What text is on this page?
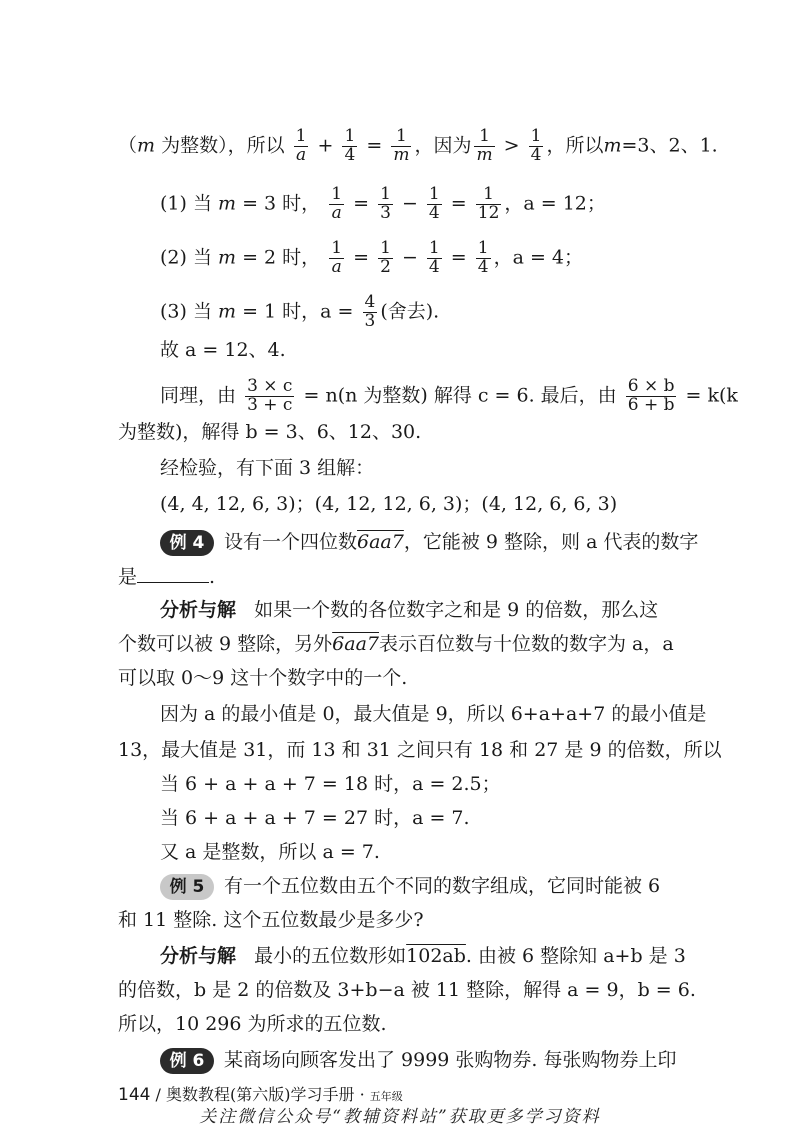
（m 为整数），所以 $\frac{1}{a} + \frac{1}{4} = \frac{1}{m}$ ，因为 $\frac{1}{m} > \frac{1}{4}$ ，所以m=3、2、1.
(1) 当 m = 3 时， $\frac{1}{a} = \frac{1}{3} - \frac{1}{4} = \frac{1}{12}$ ，a = 12；
(2) 当 m = 2 时， $\frac{1}{a} = \frac{1}{2} - \frac{1}{4} = \frac{1}{4}$ ，a = 4；
(3) 当 m = 1 时，$a = \frac{4}{3}$ (舍去).
故 a = 12、4.
同理，由 $\frac{3 \times c}{3 + c} = n(n$ 为整数) 解得 c = 6. 最后，由 $\frac{6 \times b}{6 + b} = k(k$
为整数)，解得 b = 3、6、12、30.
经检验，有下面 3 组解：
(4, 4, 12, 6, 3)；(4, 12, 12, 6, 3)；(4, 12, 6, 6, 3)
例 4 设有一个四位数6aa7，它能被 9 整除，则 a 代表的数字
是	.
分析与解 如果一个数的各位数字之和是 9 的倍数，那么这
个数可以被 9 整除，另外6aa7表示百位数与十位数的数字为 a，a
可以取 0～9 这十个数字中的一个.
因为 a 的最小值是 0，最大值是 9，所以 6+a+a+7 的最小值是
13，最大值是 31，而 13 和 31 之间只有 18 和 27 是 9 的倍数，所以
当 6 + a + a + 7 = 18 时，a = 2.5；
当 6 + a + a + 7 = 27 时，a = 7.
又 a 是整数，所以 a = 7.
例 5 有一个五位数由五个不同的数字组成，它同时能被 6
和 11 整除. 这个五位数最少是多少?
分析与解 最小的五位数形如102ab. 由被 6 整除知 a+b 是 3
的倍数，b 是 2 的倍数及 3+b−a 被 11 整除，解得 a = 9，b = 6.
所以，10 296 为所求的五位数.
例 6 某商场向顾客发出了 9999 张购物券. 每张购物券上印
144 / 奥数教程(第六版)学习手册 · 五年级
关注微信公众号“教辅资料站”获取更多学习资料
